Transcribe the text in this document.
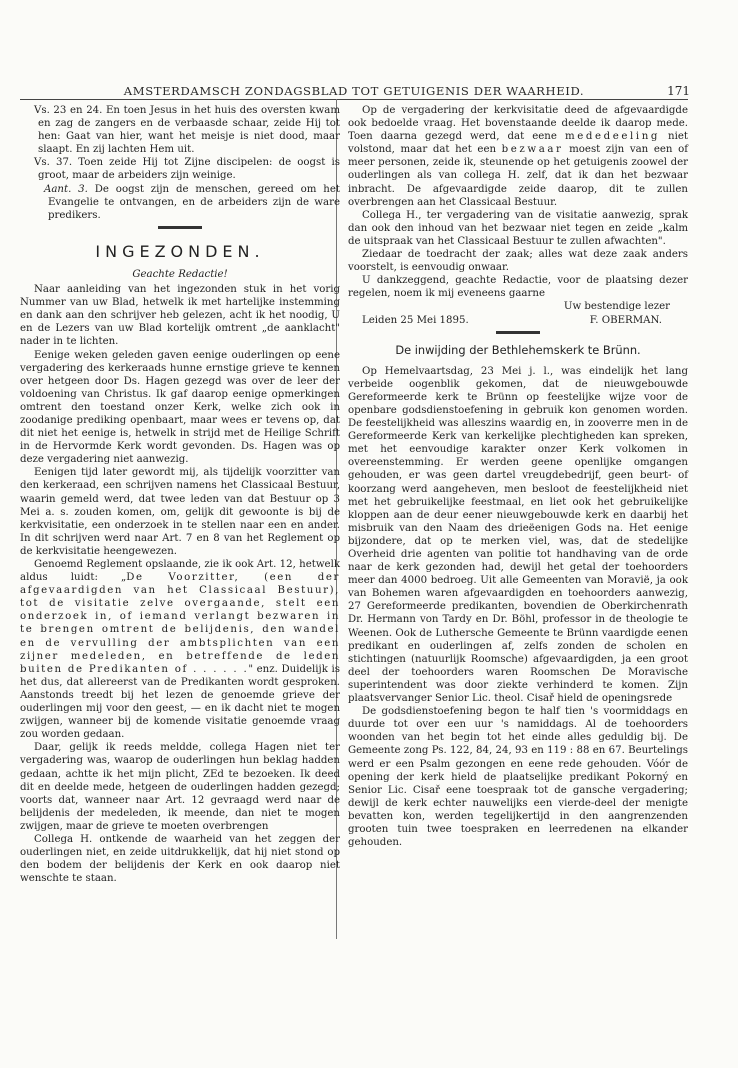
AMSTERDAMSCH ZONDAGSBLAD TOT GETUIGENIS DER WAARHEID.	171

Vs. 23 en 24. En toen Jesus in het huis des oversten kwam en zag de zangers en de verbaasde schaar, zeide Hij tot hen: Gaat van hier, want het meisje is niet dood, maar slaapt. En zij lachten Hem uit.

Vs. 37. Toen zeide Hij tot Zijne discipelen: de oogst is groot, maar de arbeiders zijn weinige.

Aant. 3. De oogst zijn de menschen, gereed om het Evangelie te ontvangen, en de arbeiders zijn de ware predikers.

INGEZONDEN.
Geachte Redactie!

Naar aanleiding van het ingezonden stuk in het vorig Nummer van uw Blad, hetwelk ik met hartelijke instemming en dank aan den schrijver heb gelezen, acht ik het noodig, U en de Lezers van uw Blad kortelijk omtrent „de aanklacht" nader in te lichten.

Eenige weken geleden gaven eenige ouderlingen op eene vergadering des kerkeraads hunne ernstige grieve te kennen over hetgeen door Ds. Hagen gezegd was over de leer der voldoening van Christus. Ik gaf daarop eenige opmerkingen omtrent den toestand onzer Kerk, welke zich ook in zoodanige prediking openbaart, maar wees er tevens op, dat dit niet het eenige is, hetwelk in strijd met de Heilige Schrift in de Hervormde Kerk wordt gevonden. Ds. Hagen was op deze vergadering niet aanwezig.

Eenigen tijd later gewordt mij, als tijdelijk voorzitter van den kerkeraad, een schrijven namens het Classicaal Bestuur, waarin gemeld werd, dat twee leden van dat Bestuur op 3 Mei a. s. zouden komen, om, gelijk dit gewoonte is bij de kerkvisitatie, een onderzoek in te stellen naar een en ander. In dit schrijven werd naar Art. 7 en 8 van het Reglement op de kerkvisitatie heengewezen.

Genoemd Reglement opslaande, zie ik ook Art. 12, hetwelk aldus luidt: „De Voorzitter, (een der afgevaardigden van het Classicaal Bestuur), tot de visitatie zelve overgaande, stelt een onderzoek in, of iemand verlangt bezwaren in te brengen omtrent de belijdenis, den wandel en de vervulling der ambtsplichten van een zijner medeleden, en betreffende de leden buiten de Predikanten of . . . . . ." enz. Duidelijk is het dus, dat allereerst van de Predikanten wordt gesproken. Aanstonds treedt bij het lezen de genoemde grieve der ouderlingen mij voor den geest, — en ik dacht niet te mogen zwijgen, wanneer bij de komende visitatie genoemde vraag zou worden gedaan.

Daar, gelijk ik reeds meldde, collega Hagen niet ter vergadering was, waarop de ouderlingen hun beklag hadden gedaan, achtte ik het mijn plicht, ZEd te bezoeken. Ik deed dit en deelde mede, hetgeen de ouderlingen hadden gezegd; voorts dat, wanneer naar Art. 12 gevraagd werd naar de belijdenis der medeleden, ik meende, dan niet te mogen zwijgen, maar de grieve te moeten overbrengen

Collega H. ontkende de waarheid van het zeggen der ouderlingen niet, en zeide uitdrukkelijk, dat hij niet stond op den bodem der belijdenis der Kerk en ook daarop niet wenschte te staan.

Op de vergadering der kerkvisitatie deed de afgevaardigde ook bedoelde vraag. Het bovenstaande deelde ik daarop mede. Toen daarna gezegd werd, dat eene mededeeling niet volstond, maar dat het een bezwaar moest zijn van een of meer personen, zeide ik, steunende op het getuigenis zoowel der ouderlingen als van collega H. zelf, dat ik dan het bezwaar inbracht. De afgevaardigde zeide daarop, dit te zullen overbrengen aan het Classicaal Bestuur.

Collega H., ter vergadering van de visitatie aanwezig, sprak dan ook den inhoud van het bezwaar niet tegen en zeide „kalm de uitspraak van het Classicaal Bestuur te zullen afwachten".

Ziedaar de toedracht der zaak; alles wat deze zaak anders voorstelt, is eenvoudig onwaar.

U dankzeggend, geachte Redactie, voor de plaatsing dezer regelen, noem ik mij eveneens gaarne

Uw bestendige lezer
Leiden 25 Mei 1895.	F. OBERMAN.
De inwijding der Bethlehemskerk te Brünn.

Op Hemelvaartsdag, 23 Mei j. l., was eindelijk het lang verbeide oogenblik gekomen, dat de nieuwgebouwde Gereformeerde kerk te Brünn op feestelijke wijze voor de openbare godsdienstoefening in gebruik kon genomen worden. De feestelijkheid was alleszins waardig en, in zooverre men in de Gereformeerde Kerk van kerkelijke plechtigheden kan spreken, met het eenvoudige karakter onzer Kerk volkomen in overeenstemming. Er werden geene openlijke omgangen gehouden, er was geen dartel vreugdebedrijf, geen beurt- of koorzang werd aangeheven, men besloot de feestelijkheid niet met het gebruikelijke feestmaal, en liet ook het gebruikelijke kloppen aan de deur eener nieuwgebouwde kerk en daarbij het misbruik van den Naam des drieëenigen Gods na. Het eenige bijzondere, dat op te merken viel, was, dat de stedelijke Overheid drie agenten van politie tot handhaving van de orde naar de kerk gezonden had, dewijl het getal der toehoorders meer dan 4000 bedroeg. Uit alle Gemeenten van Moravië, ja ook van Bohemen waren afgevaardigden en toehoorders aanwezig, 27 Gereformeerde predikanten, bovendien de Oberkirchenrath Dr. Hermann von Tardy en Dr. Böhl, professor in de theologie te Weenen. Ook de Luthersche Gemeente te Brünn vaardigde eenen predikant en ouderlingen af, zelfs zonden de scholen en stichtingen (natuurlijk Roomsche) afgevaardigden, ja een groot deel der toehoorders waren Roomschen De Moravische superintendent was door ziekte verhinderd te komen. Zijn plaatsvervanger Senior Lic. theol. Cisař hield de openingsrede

De godsdienstoefening begon te half tien 's voormiddags en duurde tot over een uur 's namiddags. Al de toehoorders woonden van het begin tot het einde alles geduldig bij. De Gemeente zong Ps. 122, 84, 24, 93 en 119 : 88 en 67. Beurtelings werd er een Psalm gezongen en eene rede gehouden. Vóór de opening der kerk hield de plaatselijke predikant Pokorný en Senior Lic. Cisař eene toespraak tot de gansche vergadering; dewijl de kerk echter nauwelijks een vierde-deel der menigte bevatten kon, werden tegelijkertijd in den aangrenzenden grooten tuin twee toespraken en leerredenen na elkander gehouden.
